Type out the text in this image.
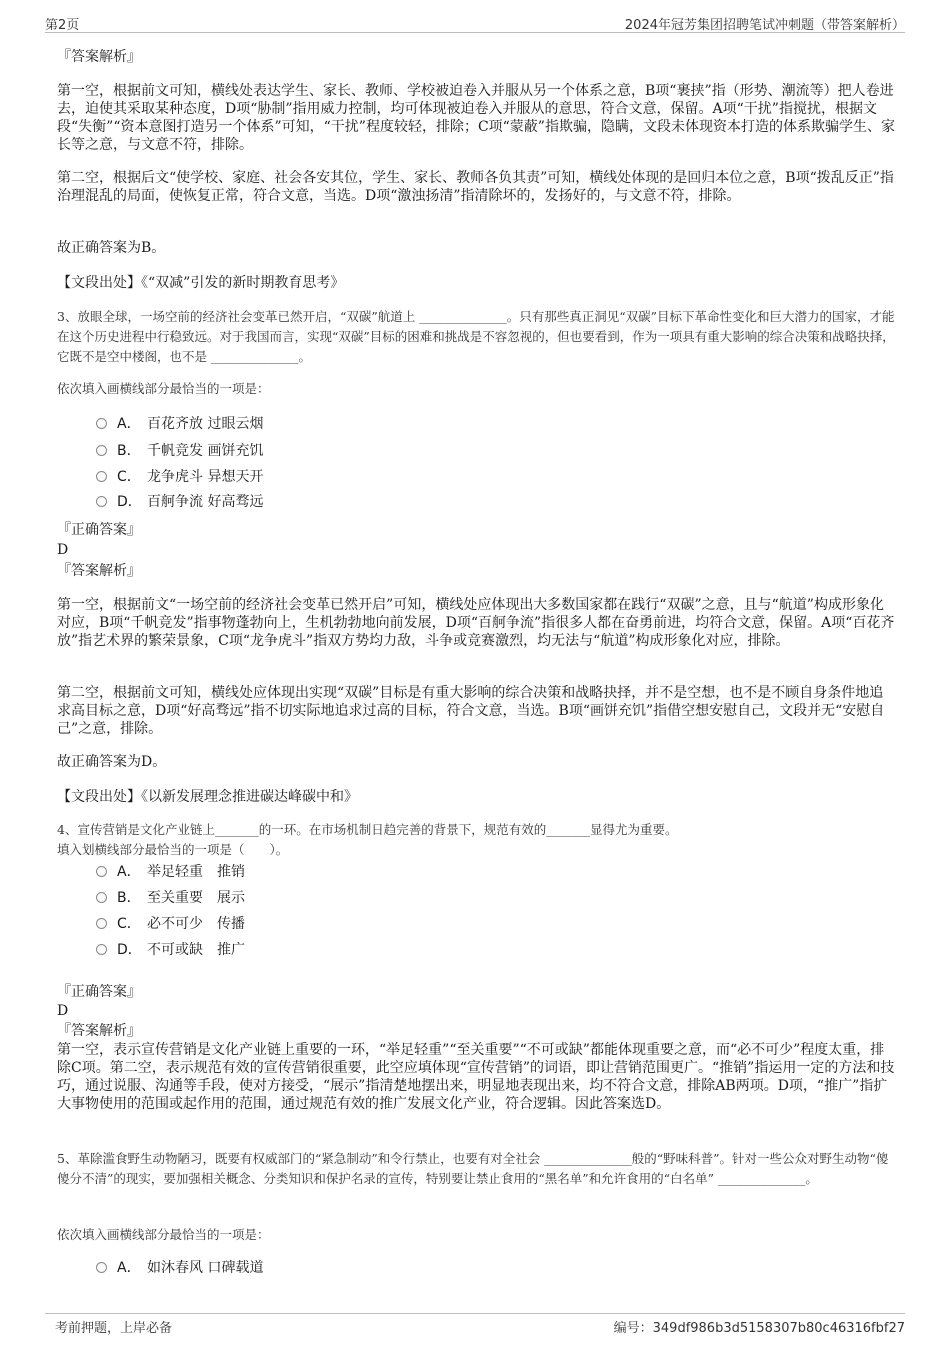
第2页	2024年冠芳集团招聘笔试冲刺题（带答案解析）
『答案解析』
第一空，根据前文可知，横线处表达学生、家长、教师、学校被迫卷入并服从另一个体系之意，B项“裹挟”指（形势、潮流等）把人卷进去，迫使其采取某种态度，D项“胁制”指用威力控制，均可体现被迫卷入并服从的意思，符合文意，保留。A项“干扰”指搅扰，根据文段“失衡”“资本意图打造另一个体系”可知，“干扰”程度较轻，排除；C项“蒙蔽”指欺骗，隐瞒，文段未体现资本打造的体系欺骗学生、家长等之意，与文意不符，排除。
第二空，根据后文“使学校、家庭、社会各安其位，学生、家长、教师各负其责”可知，横线处体现的是回归本位之意，B项“拨乱反正”指治理混乱的局面，使恢复正常，符合文意，当选。D项“激浊扬清”指清除坏的，发扬好的，与文意不符，排除。
故正确答案为B。
【文段出处】《“双减”引发的新时期教育思考》
3、放眼全球，一场空前的经济社会变革已然开启，“双碳”航道上 ______________。只有那些真正洞见“双碳”目标下革命性变化和巨大潜力的国家，才能在这个历史进程中行稳致远。对于我国而言，实现“双碳”目标的困难和挑战是不容忽视的，但也要看到，作为一项具有重大影响的综合决策和战略抉择，它既不是空中楼阁，也不是 ______________。
依次填入画横线部分最恰当的一项是：
A． 百花齐放 过眼云烟
B． 千帆竞发 画饼充饥
C． 龙争虎斗 异想天开
D． 百舸争流 好高骛远
『正确答案』
D
『答案解析』
第一空，根据前文“一场空前的经济社会变革已然开启”可知，横线处应体现出大多数国家都在践行“双碳”之意，且与“航道”构成形象化对应，B项“千帆竞发”指事物蓬勃向上，生机勃勃地向前发展，D项“百舸争流”指很多人都在奋勇前进，均符合文意，保留。A项“百花齐放”指艺术界的繁荣景象，C项“龙争虎斗”指双方势均力敌，斗争或竞赛激烈，均无法与“航道”构成形象化对应，排除。
第二空，根据前文可知，横线处应体现出实现“双碳”目标是有重大影响的综合决策和战略抉择，并不是空想，也不是不顾自身条件地追求高目标之意，D项“好高骛远”指不切实际地追求过高的目标，符合文意，当选。B项“画饼充饥”指借空想安慰自己，文段并无“安慰自己”之意，排除。
故正确答案为D。
【文段出处】《以新发展理念推进碳达峰碳中和》
4、宣传营销是文化产业链上_______的一环。在市场机制日趋完善的背景下，规范有效的_______显得尤为重要。
填入划横线部分最恰当的一项是（　　）。
A． 举足轻重　推销
B． 至关重要　展示
C． 必不可少　传播
D． 不可或缺　推广
『正确答案』
D
『答案解析』
第一空，表示宣传营销是文化产业链上重要的一环，“举足轻重”“至关重要”“不可或缺”都能体现重要之意，而“必不可少”程度太重，排除C项。第二空，表示规范有效的宣传营销很重要，此空应填体现“宣传营销”的词语，即让营销范围更广。“推销”指运用一定的方法和技巧，通过说服、沟通等手段，使对方接受，“展示”指清楚地摆出来，明显地表现出来，均不符合文意，排除AB两项。D项，“推广”指扩大事物使用的范围或起作用的范围，通过规范有效的推广发展文化产业，符合逻辑。因此答案选D。
5、革除滥食野生动物陋习，既要有权威部门的“紧急制动”和令行禁止，也要有对全社会 ______________般的“野味科普”。针对一些公众对野生动物“傻傻分不清”的现实，要加强相关概念、分类知识和保护名录的宣传，特别要让禁止食用的“黑名单”和允许食用的“白名单” ______________。
依次填入画横线部分最恰当的一项是：
A． 如沐春风 口碑载道
考前押题，上岸必备	编号：349df986b3d5158307b80c46316fbf27
